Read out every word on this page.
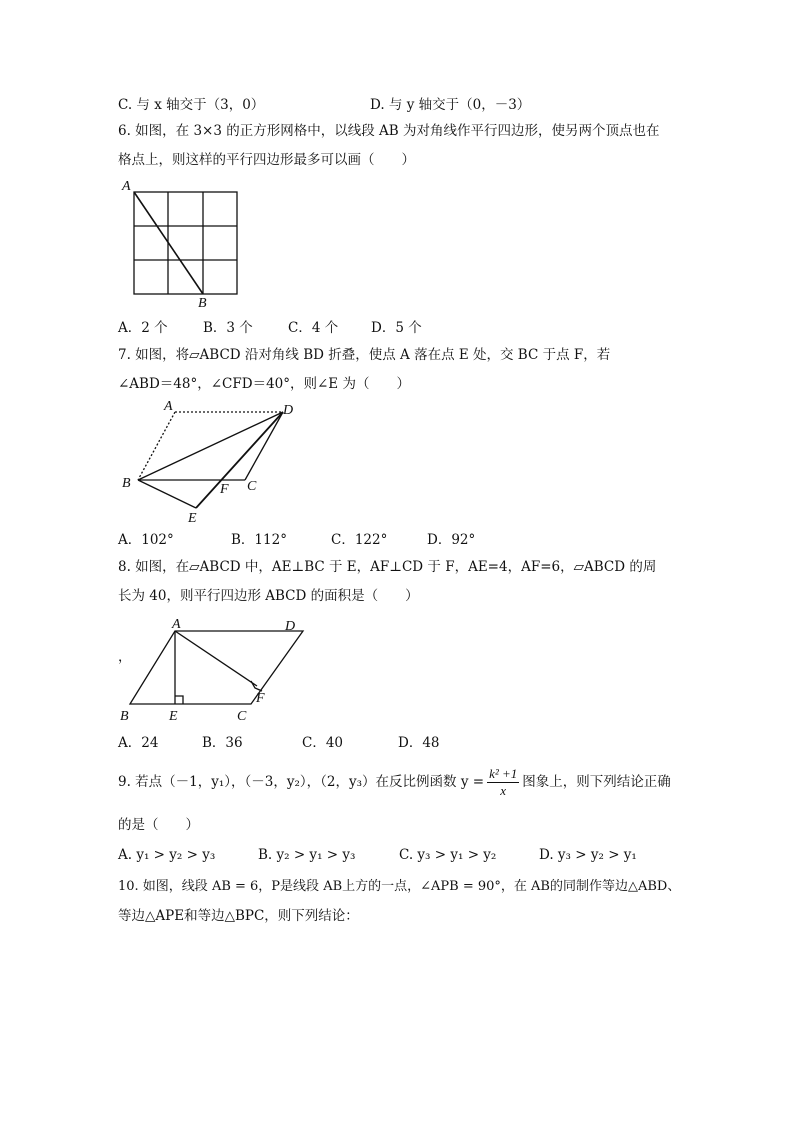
C. 与 x 轴交于（3，0）	D. 与 y 轴交于（0，－3）
6. 如图，在 3×3 的正方形网格中，以线段 AB 为对角线作平行四边形，使另两个顶点也在
格点上，则这样的平行四边形最多可以画（　　）
A
B
A．2 个	B．3 个	C．4 个 D．5 个
7. 如图，将▱ABCD 沿对角线 BD 折叠，使点 A 落在点 E 处，交 BC 于点 F，若
∠ABD＝48°，∠CFD＝40°，则∠E 为（　　）
A	D
B	F C
E
A．102°	B．112°	C．122°	D．92°
8. 如图，在▱ABCD 中，AE⊥BC 于 E，AF⊥CD 于 F，AE=4，AF=6，▱ABCD 的周
长为 40，则平行四边形 ABCD 的面积是（　　）
，
A	D
F
B	E	C
A．24	B．36	C．40	D．48
9. 若点（－1，y₁），（－3，y₂），（2，y₃）在反比例函数 $y = \frac{\text{k² +1}}{x}$ 图象上，则下列结论正确
的是（　　）
A. y₁ > y₂ > y₃	B. y₂ > y₁ > y₃	C. y₃ > y₁ > y₂	D. y₃ > y₂ > y₁
10. 如图，线段 AB = 6，P是线段 AB上方的一点，∠APB = 90°，在 AB的同制作等边△ABD、
等边△APE和等边△BPC，则下列结论：
